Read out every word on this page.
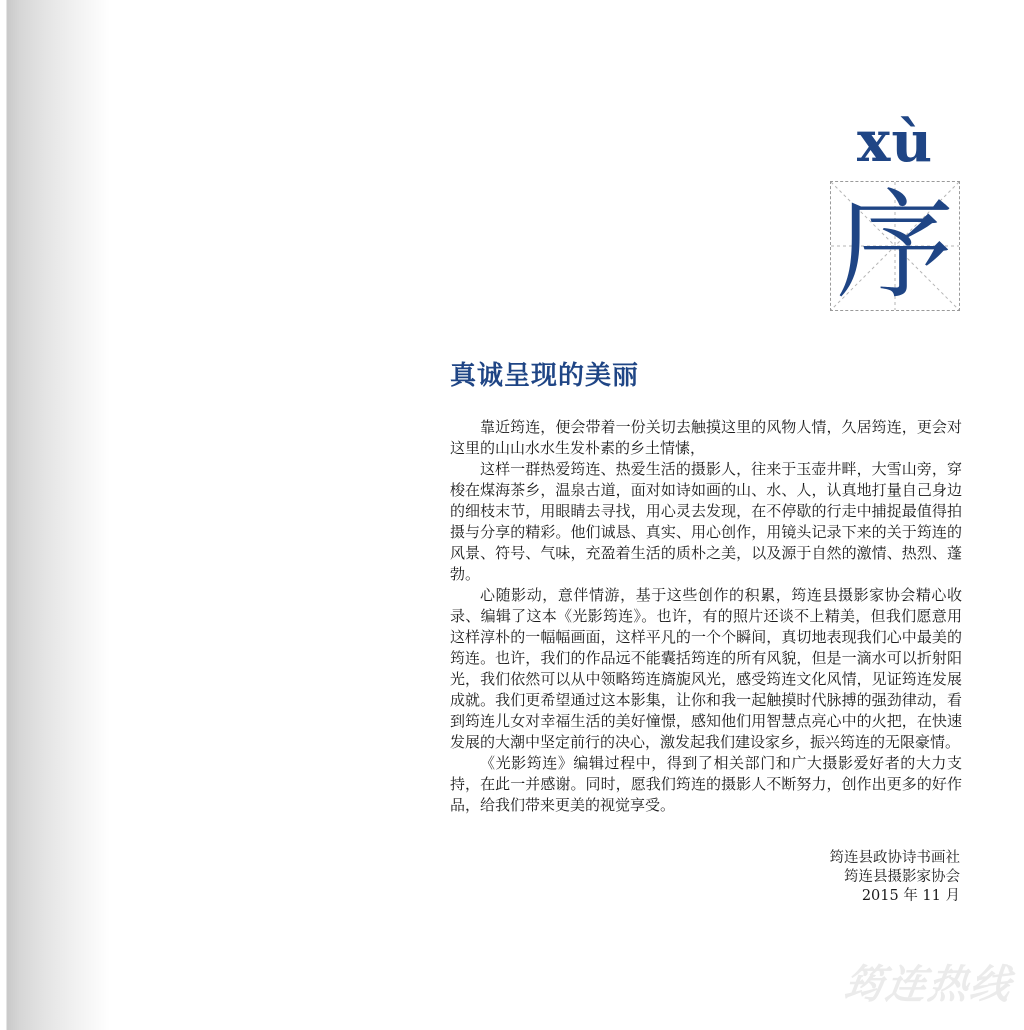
xù
序
真诚呈现的美丽

靠近筠连，便会带着一份关切去触摸这里的风物人情，久居筠连，更会对这里的山山水水生发朴素的乡土情愫，

这样一群热爱筠连、热爱生活的摄影人，往来于玉壶井畔，大雪山旁，穿梭在煤海茶乡，温泉古道，面对如诗如画的山、水、人，认真地打量自己身边的细枝末节，用眼睛去寻找，用心灵去发现，在不停歇的行走中捕捉最值得拍摄与分享的精彩。他们诚恳、真实、用心创作，用镜头记录下来的关于筠连的风景、符号、气味，充盈着生活的质朴之美，以及源于自然的激情、热烈、蓬勃。

心随影动，意伴情游，基于这些创作的积累，筠连县摄影家协会精心收录、编辑了这本《光影筠连》。也许，有的照片还谈不上精美，但我们愿意用这样淳朴的一幅幅画面，这样平凡的一个个瞬间，真切地表现我们心中最美的筠连。也许，我们的作品远不能囊括筠连的所有风貌，但是一滴水可以折射阳光，我们依然可以从中领略筠连旖旎风光，感受筠连文化风情，见证筠连发展成就。我们更希望通过这本影集，让你和我一起触摸时代脉搏的强劲律动，看到筠连儿女对幸福生活的美好憧憬，感知他们用智慧点亮心中的火把，在快速发展的大潮中坚定前行的决心，激发起我们建设家乡，振兴筠连的无限豪情。

《光影筠连》编辑过程中，得到了相关部门和广大摄影爱好者的大力支持，在此一并感谢。同时，愿我们筠连的摄影人不断努力，创作出更多的好作品，给我们带来更美的视觉享受。

筠连县政协诗书画社
筠连县摄影家协会
2015 年 11 月
筠连热线
